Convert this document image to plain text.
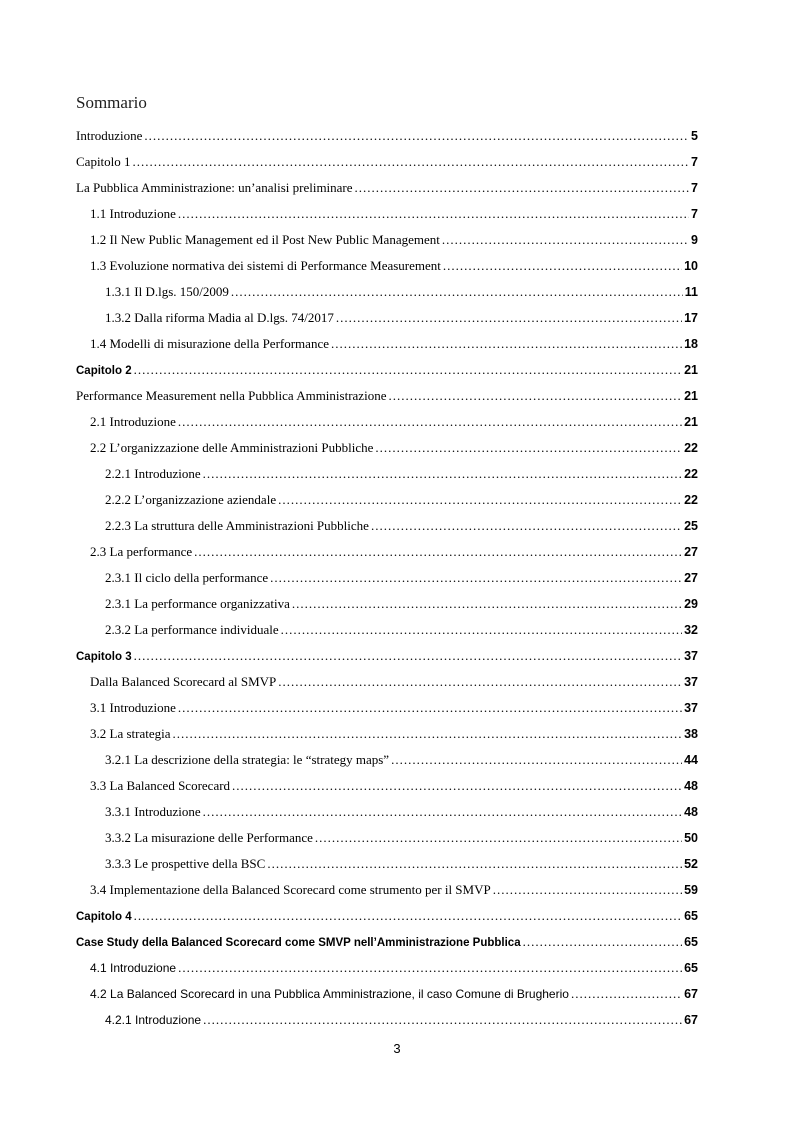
Sommario
Introduzione .....	5
Capitolo 1 .....	7
La Pubblica Amministrazione: un’analisi preliminare .....	7
1.1 Introduzione .....	7
1.2 Il New Public Management ed il Post New Public Management .....	9
1.3 Evoluzione normativa dei sistemi di Performance Measurement .....	10
1.3.1 Il D.lgs. 150/2009 .....	11
1.3.2 Dalla riforma Madia al D.lgs. 74/2017 .....	17
1.4 Modelli di misurazione della Performance .....	18
Capitolo 2 .....	21
Performance Measurement nella Pubblica Amministrazione .....	21
2.1 Introduzione .....	21
2.2 L’organizzazione delle Amministrazioni Pubbliche .....	22
2.2.1 Introduzione .....	22
2.2.2 L’organizzazione aziendale .....	22
2.2.3 La struttura delle Amministrazioni Pubbliche .....	25
2.3 La performance .....	27
2.3.1 Il ciclo della performance .....	27
2.3.1 La performance organizzativa .....	29
2.3.2 La performance individuale .....	32
Capitolo 3 .....	37
Dalla Balanced Scorecard al SMVP .....	37
3.1 Introduzione .....	37
3.2 La strategia .....	38
3.2.1 La descrizione della strategia: le “strategy maps” .....	44
3.3 La Balanced Scorecard .....	48
3.3.1 Introduzione .....	48
3.3.2 La misurazione delle Performance .....	50
3.3.3 Le prospettive della BSC .....	52
3.4 Implementazione della Balanced Scorecard come strumento per il SMVP .....	59
Capitolo 4 .....	65
Case Study della Balanced Scorecard come SMVP nell’Amministrazione Pubblica .....	65
4.1 Introduzione .....	65
4.2 La Balanced Scorecard in una Pubblica Amministrazione, il caso Comune di Brugherio .....	67
4.2.1 Introduzione .....	67
3
